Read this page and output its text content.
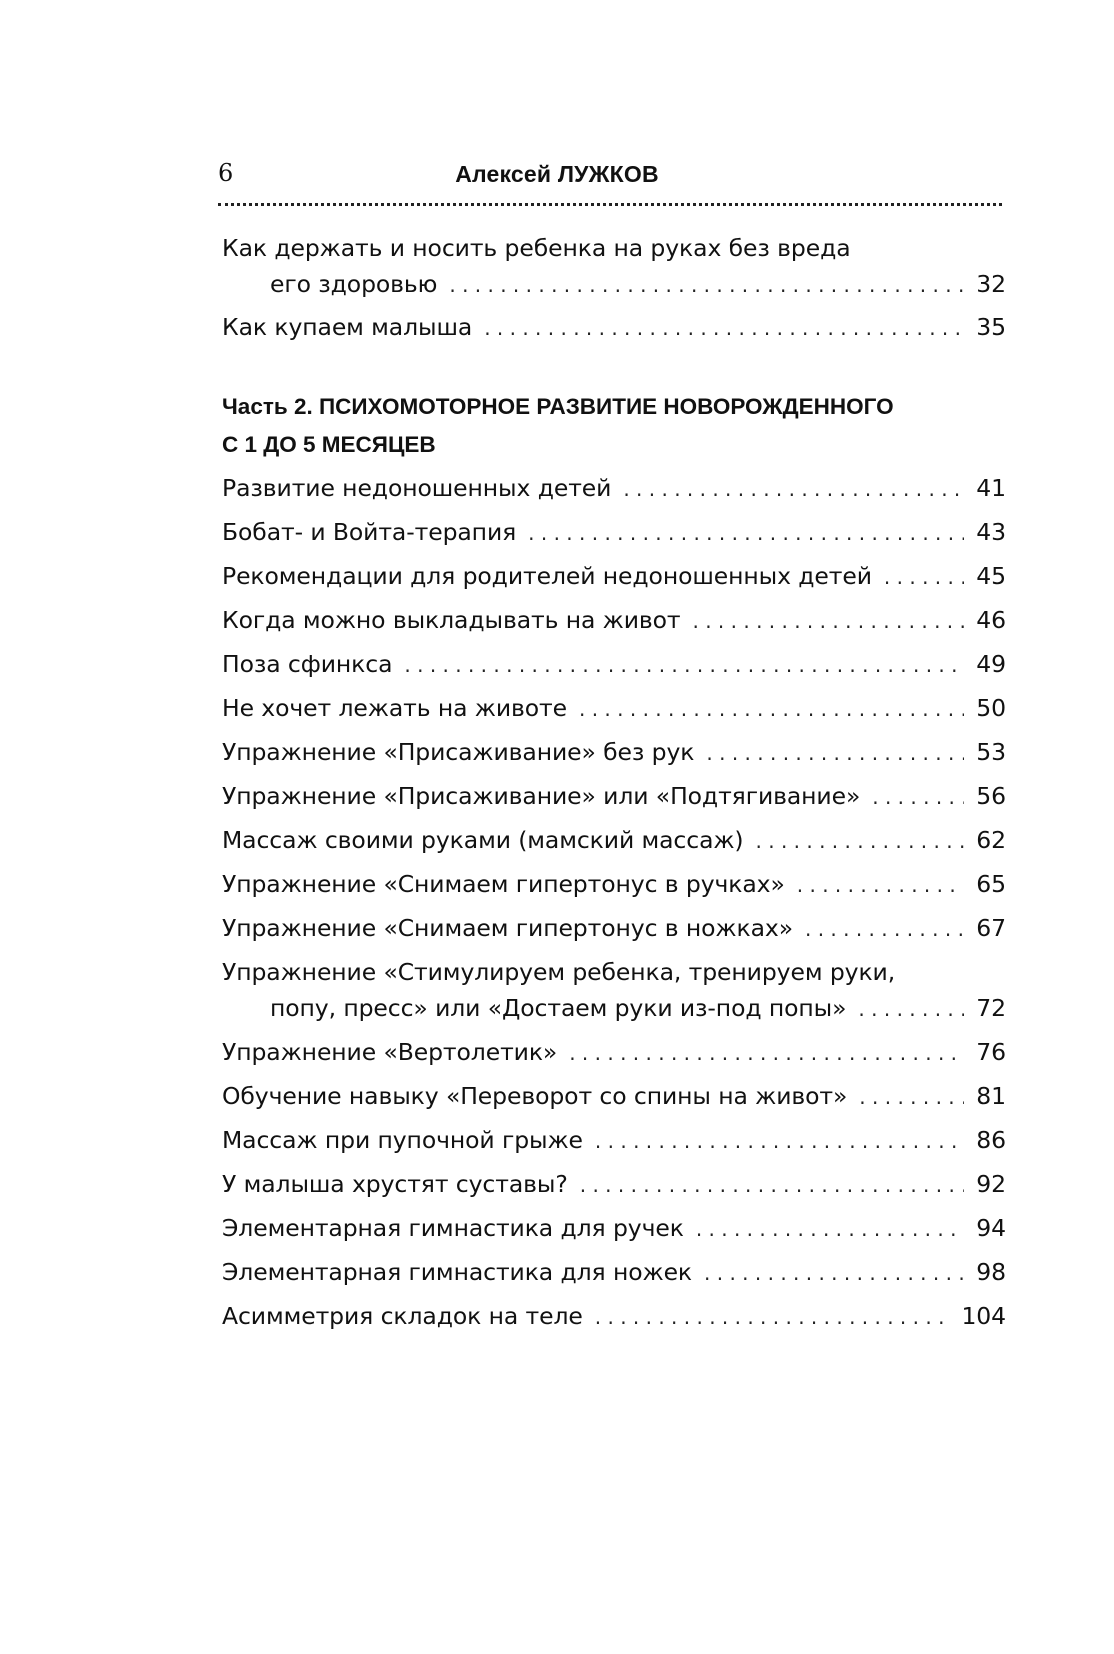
6	Алексей ЛУЖКОВ
Как держать и носить ребенка на руках без вреда
его здоровью . . .	32
Как купаем малыша . . .	35
Часть 2. ПСИХОМОТОРНОЕ РАЗВИТИЕ НОВОРОЖДЕННОГО
С 1 ДО 5 МЕСЯЦЕВ
Развитие недоношенных детей . . .	41
Бобат- и Войта-терапия . . .	43
Рекомендации для родителей недоношенных детей . . .	45
Когда можно выкладывать на живот . . .	46
Поза сфинкса . . .	49
Не хочет лежать на животе . . .	50
Упражнение «Присаживание» без рук . . .	53
Упражнение «Присаживание» или «Подтягивание» . . .	56
Массаж своими руками (мамский массаж) . . .	62
Упражнение «Снимаем гипертонус в ручках» . . .	65
Упражнение «Снимаем гипертонус в ножках» . . .	67
Упражнение «Стимулируем ребенка, тренируем руки,
попу, пресс» или «Достаем руки из-под попы» . . .	72
Упражнение «Вертолетик» . . .	76
Обучение навыку «Переворот со спины на живот» . . .	81
Массаж при пупочной грыже . . .	86
У малыша хрустят суставы? . . .	92
Элементарная гимнастика для ручек . . .	94
Элементарная гимнастика для ножек . . .	98
Асимметрия складок на теле . . .	104
